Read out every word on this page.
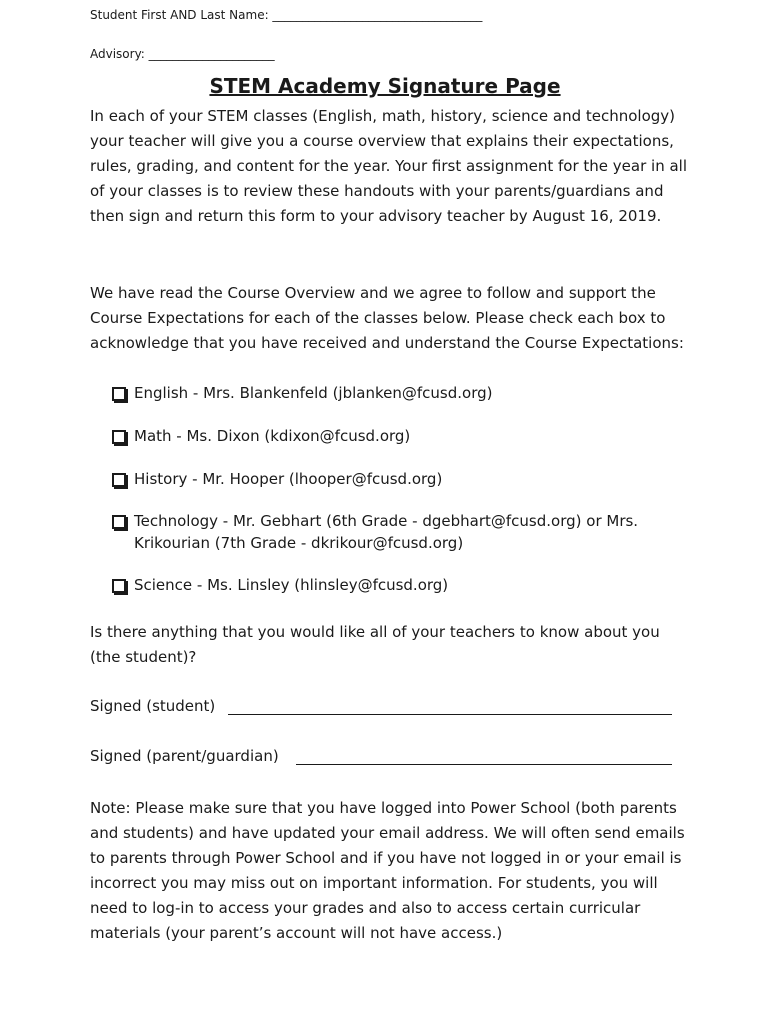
Student First AND Last Name: ___________________________________
Advisory: _____________________
STEM Academy Signature Page

In each of your STEM classes (English, math, history, science and technology) your teacher will give you a course overview that explains their expectations, rules, grading, and content for the year. Your first assignment for the year in all of your classes is to review these handouts with your parents/guardians and then sign and return this form to your advisory teacher by August 16, 2019.

We have read the Course Overview and we agree to follow and support the Course Expectations for each of the classes below. Please check each box to acknowledge that you have received and understand the Course Expectations:

English - Mrs. Blankenfeld (jblanken@fcusd.org)
Math - Ms. Dixon (kdixon@fcusd.org)
History - Mr. Hooper (lhooper@fcusd.org)
Technology - Mr. Gebhart (6th Grade - dgebhart@fcusd.org) or Mrs. Krikourian (7th Grade - dkrikour@fcusd.org)
Science - Ms. Linsley (hlinsley@fcusd.org)

Is there anything that you would like all of your teachers to know about you (the student)?

Signed (student)
Signed (parent/guardian)

Note: Please make sure that you have logged into Power School (both parents and students) and have updated your email address. We will often send emails to parents through Power School and if you have not logged in or your email is incorrect you may miss out on important information. For students, you will need to log-in to access your grades and also to access certain curricular materials (your parent’s account will not have access.)
